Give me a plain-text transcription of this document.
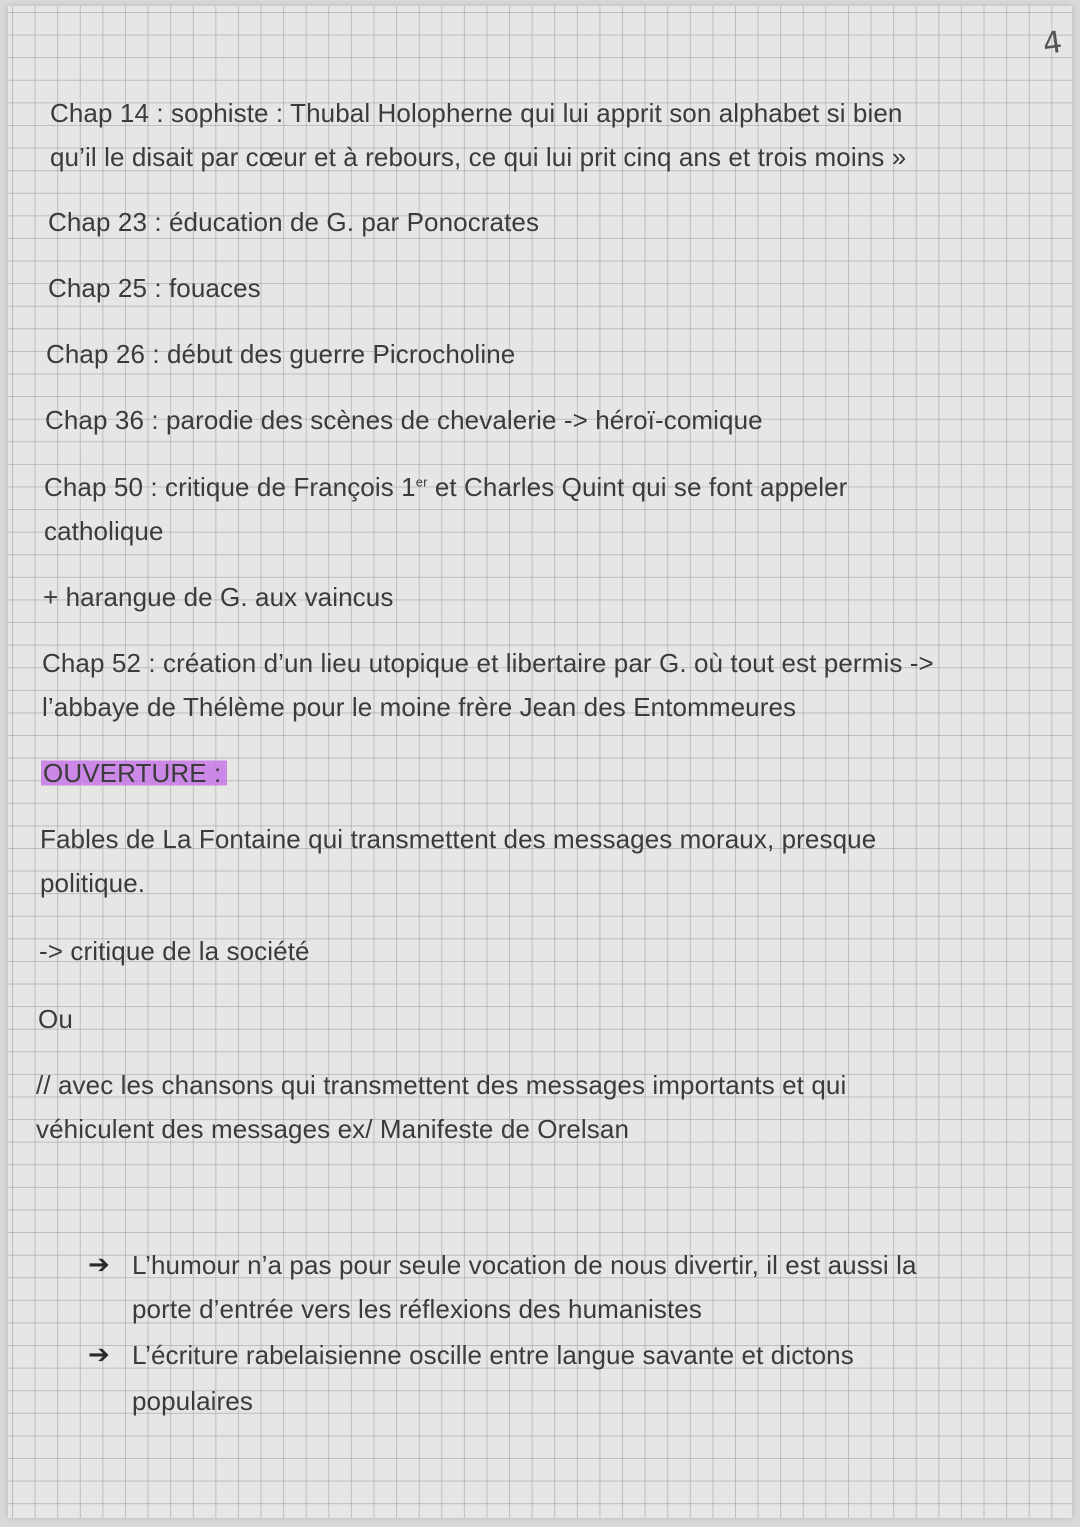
4
Chap 14 : sophiste : Thubal Holopherne qui lui apprit son alphabet si bien
qu’il le disait par cœur et à rebours, ce qui lui prit cinq ans et trois moins »
Chap 23 : éducation de G. par Ponocrates
Chap 25 : fouaces
Chap 26 : début des guerre Picrocholine
Chap 36 : parodie des scènes de chevalerie -> héroï-comique
Chap 50 : critique de François 1er et Charles Quint qui se font appeler
catholique
+ harangue de G. aux vaincus
Chap 52 : création d’un lieu utopique et libertaire par G. où tout est permis ->
l’abbaye de Thélème pour le moine frère Jean des Entommeures
OUVERTURE :
Fables de La Fontaine qui transmettent des messages moraux, presque
politique.
-> critique de la société
Ou
// avec les chansons qui transmettent des messages importants et qui
véhiculent des messages ex/ Manifeste de Orelsan
➔ L’humour n’a pas pour seule vocation de nous divertir, il est aussi la
porte d’entrée vers les réflexions des humanistes
➔ L’écriture rabelaisienne oscille entre langue savante et dictons
populaires
